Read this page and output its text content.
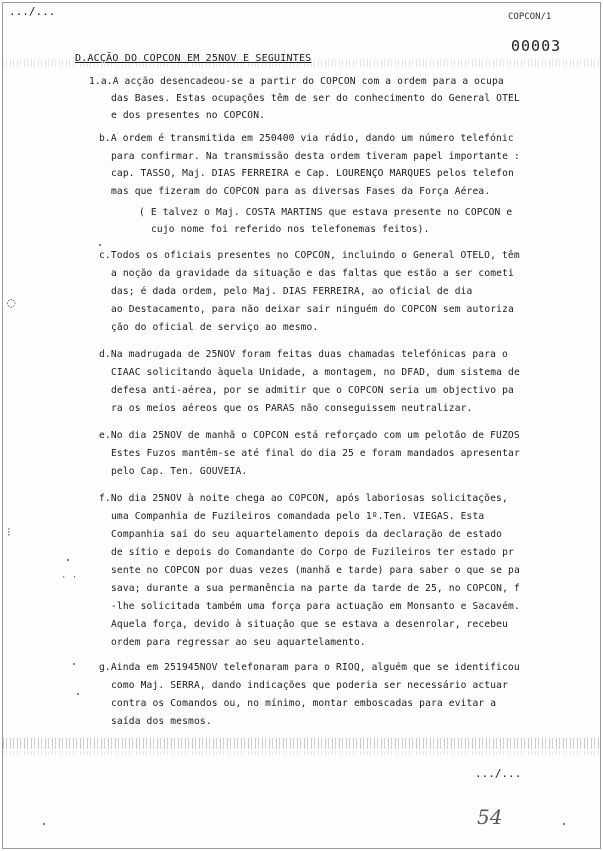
.../...	COPCON/1
00003
D.ACÇÃO DO COPCON EM 25NOV E SEGUINTES
1.a.A acção desencadeou-se a partir do COPCON com a ordem para a ocupa
das Bases. Estas ocupações têm de ser do conhecimento do General OTEL
e dos presentes no COPCON.
b.A ordem é transmitida em 250400 via rádio, dando um número telefónic
para confirmar. Na transmissão desta ordem tiveram papel importante :
cap. TASSO, Maj. DIAS FERREIRA e Cap. LOURENÇO MARQUES pelos telefon
mas que fizeram do COPCON para as diversas Fases da Força Aérea.
( E talvez o Maj. COSTA MARTINS que estava presente no COPCON e
cujo nome foi referido nos telefonemas feitos).
c.Todos os oficiais presentes no COPCON, incluindo o General OTELO, têm
a noção da gravidade da situação e das faltas que estão a ser cometi
das; é dada ordem, pelo Maj. DIAS FERREIRA, ao oficial de dia
ao Destacamento, para não deixar sair ninguém do COPCON sem autoriza
ção do oficial de serviço ao mesmo.
d.Na madrugada de 25NOV foram feitas duas chamadas telefónicas para o
CIAAC solicitando àquela Unidade, a montagem, no DFAD, dum sistema de
defesa anti-aérea, por se admitir que o COPCON seria um objectivo pa
ra os meios aéreos que os PARAS não conseguissem neutralizar.
e.No dia 25NOV de manhã o COPCON está reforçado com um pelotão de FUZOS
Estes Fuzos mantêm-se até final do dia 25 e foram mandados apresentar
pelo Cap. Ten. GOUVEIA.
f.No dia 25NOV à noite chega ao COPCON, após laboriosas solicitações,
uma Companhia de Fuzileiros comandada pelo 1º.Ten. VIEGAS. Esta
Companhia saí do seu aquartelamento depois da declaração de estado
de sítio e depois do Comandante do Corpo de Fuzileiros ter estado pr
sente no COPCON por duas vezes (manhã e tarde) para saber o que se pa
sava; durante a sua permanência na parte da tarde de 25, no COPCON, f
-lhe solicitada também uma força para actuação em Monsanto e Sacavém.
Aquela força, devido à situação que se estava a desenrolar, recebeu
ordem para regressar ao seu aquartelamento.
g.Ainda em 251945NOV telefonaram para o RIOQ, alguém que se identificou
como Maj. SERRA, dando indicações que poderia ser necessário actuar
contra os Comandos ou, no mínimo, montar emboscadas para evitar a
saída dos mesmos.
.../...
54
◌
⁝
· ·
